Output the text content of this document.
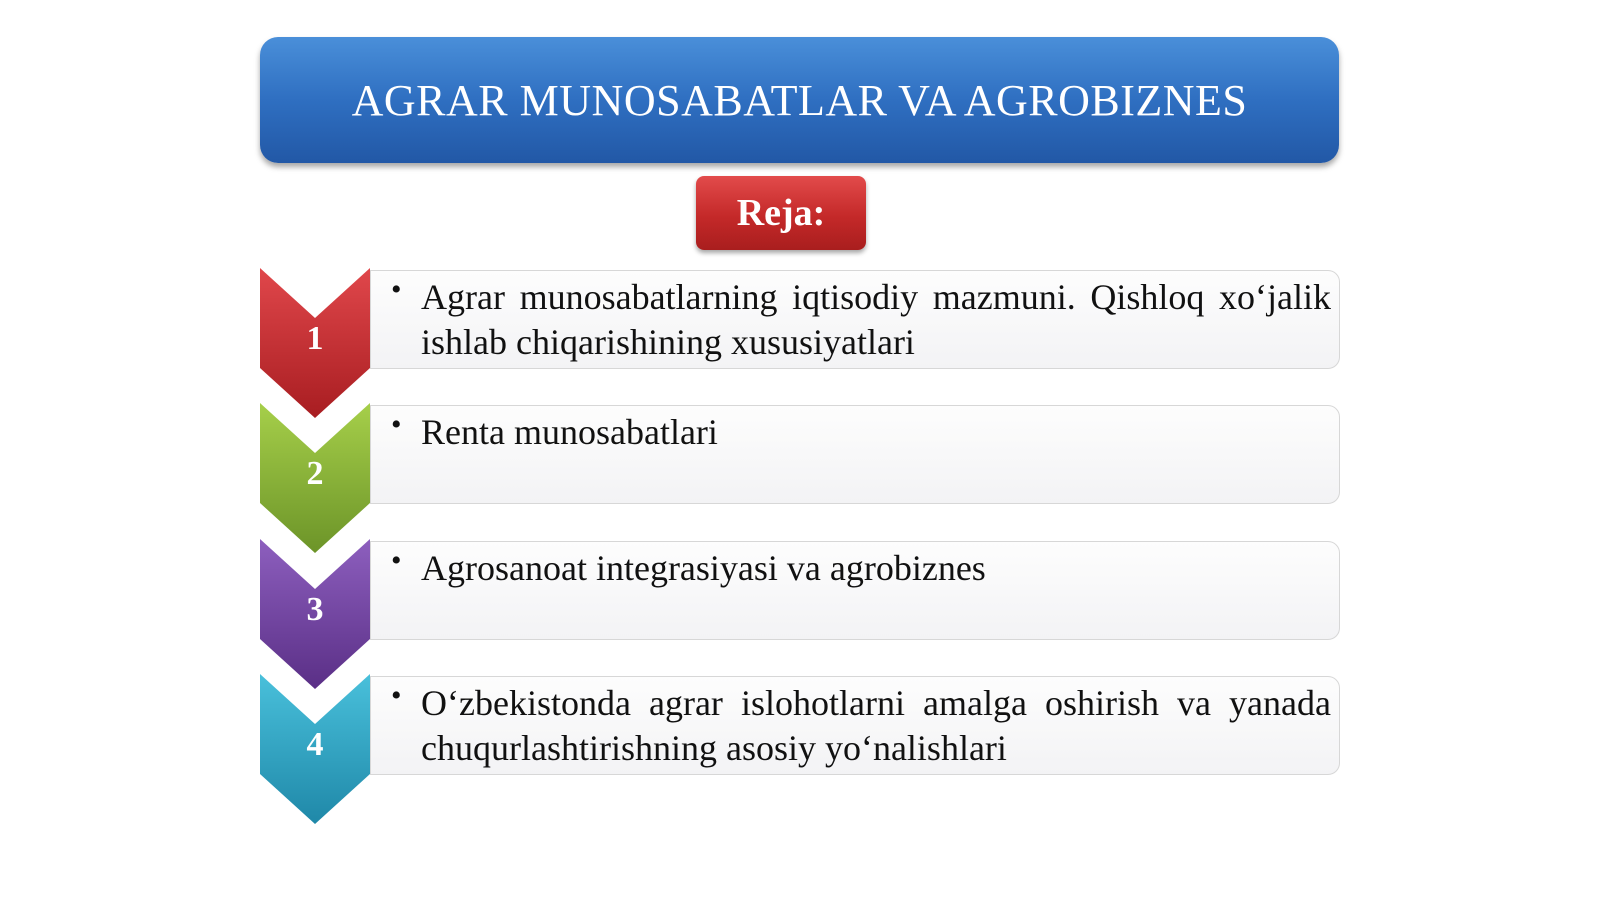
AGRAR MUNOSABATLAR VA AGROBIZNES
Reja:
1
• Agrar munosabatlarning iqtisodiy mazmuni. Qishloq xo‘jalik ishlab chiqarishining xususiyatlari
2
• Renta munosabatlari
3
• Agrosanoat integrasiyasi va agrobiznes
4
• O‘zbekistonda agrar islohotlarni amalga oshirish va yanada chuqurlashtirishning asosiy yo‘nalishlari
